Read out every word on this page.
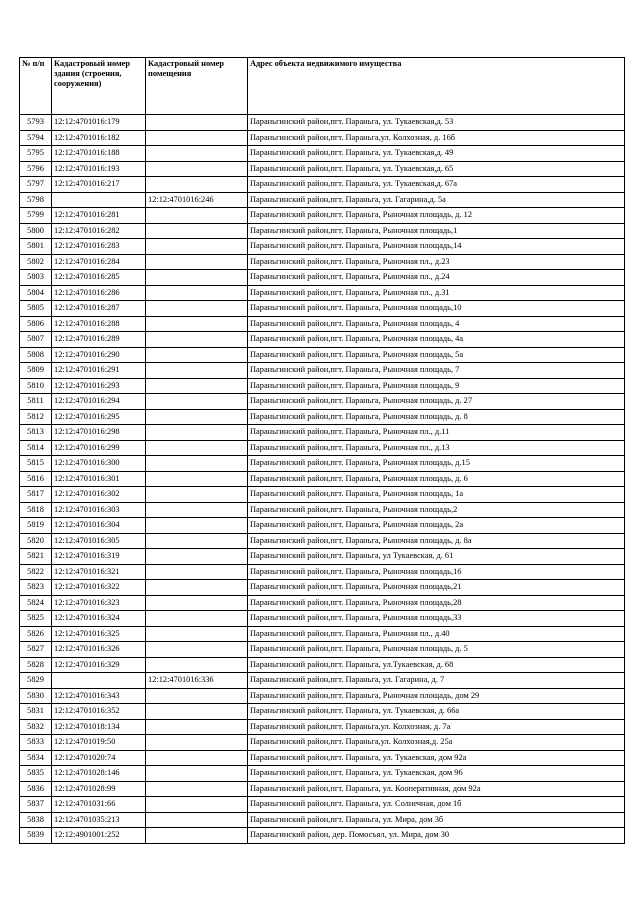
№ п/п	Кадастровый номер здания (строения, сооружения)	Кадастровый номер помещения	Адрес объекта недвижимого имущества
5793	12:12:4701016:179		Параньгинский район,пгт. Параньга, ул. Тукаевская,д. 53
5794	12:12:4701016:182		Параньгинский район,пгт. Параньга,ул. Колхозная, д. 16б
5795	12:12:4701016:188		Параньгинский район,пгт. Параньга, ул. Тукаевская,д. 49
5796	12:12:4701016:193		Параньгинский район,пгт. Параньга, ул. Тукаевская,д. 65
5797	12:12:4701016:217		Параньгинский район,пгт. Параньга, ул. Тукаевская,д. 67а
5798		12:12:4701016:246	Параньгинский район,пгт. Параньга, ул. Гагарина,д. 5а
5799	12:12:4701016:281		Параньгинский район,пгт. Параньга, Рыночная площадь, д. 12
5800	12:12:4701016:282		Параньгинский район,пгт. Параньга, Рыночная площадь,1
5801	12:12:4701016:283		Параньгинский район,пгт. Параньга, Рыночная площадь,14
5802	12:12:4701016:284		Параньгинский район,пгт. Параньга, Рыночная пл., д.23
5803	12:12:4701016:285		Параньгинский район,пгт. Параньга, Рыночная пл., д.24
5804	12:12:4701016:286		Параньгинский район,пгт. Параньга, Рыночная пл., д.31
5805	12:12:4701016:287		Параньгинский район,пгт. Параньга, Рыночная площадь,10
5806	12:12:4701016:288		Параньгинский район,пгт. Параньга, Рыночная площадь, 4
5807	12:12:4701016:289		Параньгинский район,пгт. Параньга, Рыночная площадь, 4а
5808	12:12:4701016:290		Параньгинский район,пгт. Параньга, Рыночная площадь, 5а
5809	12:12:4701016:291		Параньгинский район,пгт. Параньга, Рыночная площадь, 7
5810	12:12:4701016:293		Параньгинский район,пгт. Параньга, Рыночная площадь, 9
5811	12:12:4701016:294		Параньгинский район,пгт. Параньга, Рыночная площадь, д. 27
5812	12:12:4701016:295		Параньгинский район,пгт. Параньга, Рыночная площадь, д. 8
5813	12:12:4701016:298		Параньгинский район,пгт. Параньга, Рыночная пл., д.11
5814	12:12:4701016:299		Параньгинский район,пгт. Параньга, Рыночная пл., д.13
5815	12:12:4701016:300		Параньгинский район,пгт. Параньга, Рыночная площадь, д.15
5816	12:12:4701016:301		Параньгинский район,пгт. Параньга, Рыночная площадь, д. 6
5817	12:12:4701016:302		Параньгинский район,пгт. Параньга, Рыночная площадь, 1а
5818	12:12:4701016:303		Параньгинский район,пгт. Параньга, Рыночная площадь,2
5819	12:12:4701016:304		Параньгинский район,пгт. Параньга, Рыночная площадь, 2а
5820	12:12:4701016:305		Параньгинский район,пгт. Параньга, Рыночная площадь, д. 8а
5821	12:12:4701016:319		Параньгинский район,пгт. Параньга, ул Тукаевская, д. 61
5822	12:12:4701016:321		Параньгинский район,пгт. Параньга, Рыночная площадь,16
5823	12:12:4701016:322		Параньгинский район,пгт. Параньга, Рыночная площадь,21
5824	12:12:4701016:323		Параньгинский район,пгт. Параньга, Рыночная площадь,28
5825	12:12:4701016:324		Параньгинский район,пгт. Параньга, Рыночная площадь,33
5826	12:12:4701016:325		Параньгинский район,пгт. Параньга, Рыночная пл., д.40
5827	12:12:4701016:326		Параньгинский район,пгт. Параньга, Рыночная площадь, д. 5
5828	12:12:4701016:329		Параньгинский район,пгт. Параньга, ул.Тукаевская, д. 68
5829		12:12:4701016:336	Параньгинский район,пгт. Параньга, ул. Гагарина, д. 7
5830	12:12:4701016:343		Параньгинский район,пгт. Параньга, Рыночная площадь, дом 29
5831	12:12:4701016:352		Параньгинский район,пгт. Параньга, ул. Тукаевская, д. 66а
5832	12:12:4701018:134		Параньгинский район,пгт. Параньга,ул. Колхозная, д. 7а
5833	12:12:4701019:50		Параньгинский район,пгт. Параньга,ул. Колхозная,д. 25а
5834	12:12:4701020:74		Параньгинский район,пгт. Параньга, ул. Тукаевская, дом 92а
5835	12:12:4701028:146		Параньгинский район,пгт. Параньга, ул. Тукаевская, дом 96
5836	12:12:4701028:99		Параньгинский район,пгт. Параньга, ул. Кооперативная, дом 92а
5837	12:12:4701031:66		Параньгинский район,пгт. Параньга, ул. Солнечная, дом 1б
5838	12:12:4701035:213		Параньгинский район,пгт. Параньга, ул. Мира, дом 3б
5839	12:12:4901001:252		Параньгинский район, дер. Помосъял, ул. Мира, дом 30
